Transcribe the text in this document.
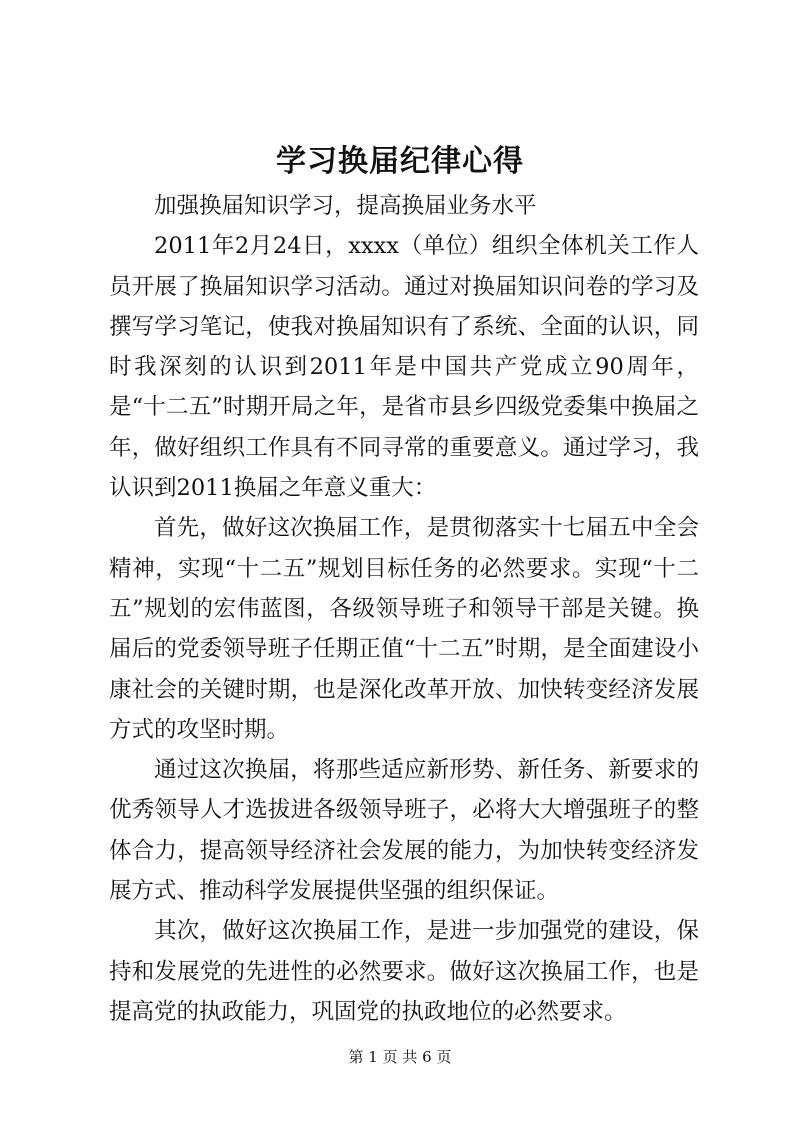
学习换届纪律心得

加强换届知识学习，提高换届业务水平

2011年2月24日，xxxx（单位）组织全体机关工作人员开展了换届知识学习活动。通过对换届知识问卷的学习及撰写学习笔记，使我对换届知识有了系统、全面的认识，同时我深刻的认识到2011年是中国共产党成立90周年，是“十二五”时期开局之年，是省市县乡四级党委集中换届之年，做好组织工作具有不同寻常的重要意义。通过学习，我认识到2011换届之年意义重大：

首先，做好这次换届工作，是贯彻落实十七届五中全会精神，实现“十二五”规划目标任务的必然要求。实现“十二五”规划的宏伟蓝图，各级领导班子和领导干部是关键。换届后的党委领导班子任期正值“十二五”时期，是全面建设小康社会的关键时期，也是深化改革开放、加快转变经济发展方式的攻坚时期。

通过这次换届，将那些适应新形势、新任务、新要求的优秀领导人才选拔进各级领导班子，必将大大增强班子的整体合力，提高领导经济社会发展的能力，为加快转变经济发展方式、推动科学发展提供坚强的组织保证。

其次，做好这次换届工作，是进一步加强党的建设，保持和发展党的先进性的必然要求。做好这次换届工作，也是提高党的执政能力，巩固党的执政地位的必然要求。

第 1 页 共 6 页
